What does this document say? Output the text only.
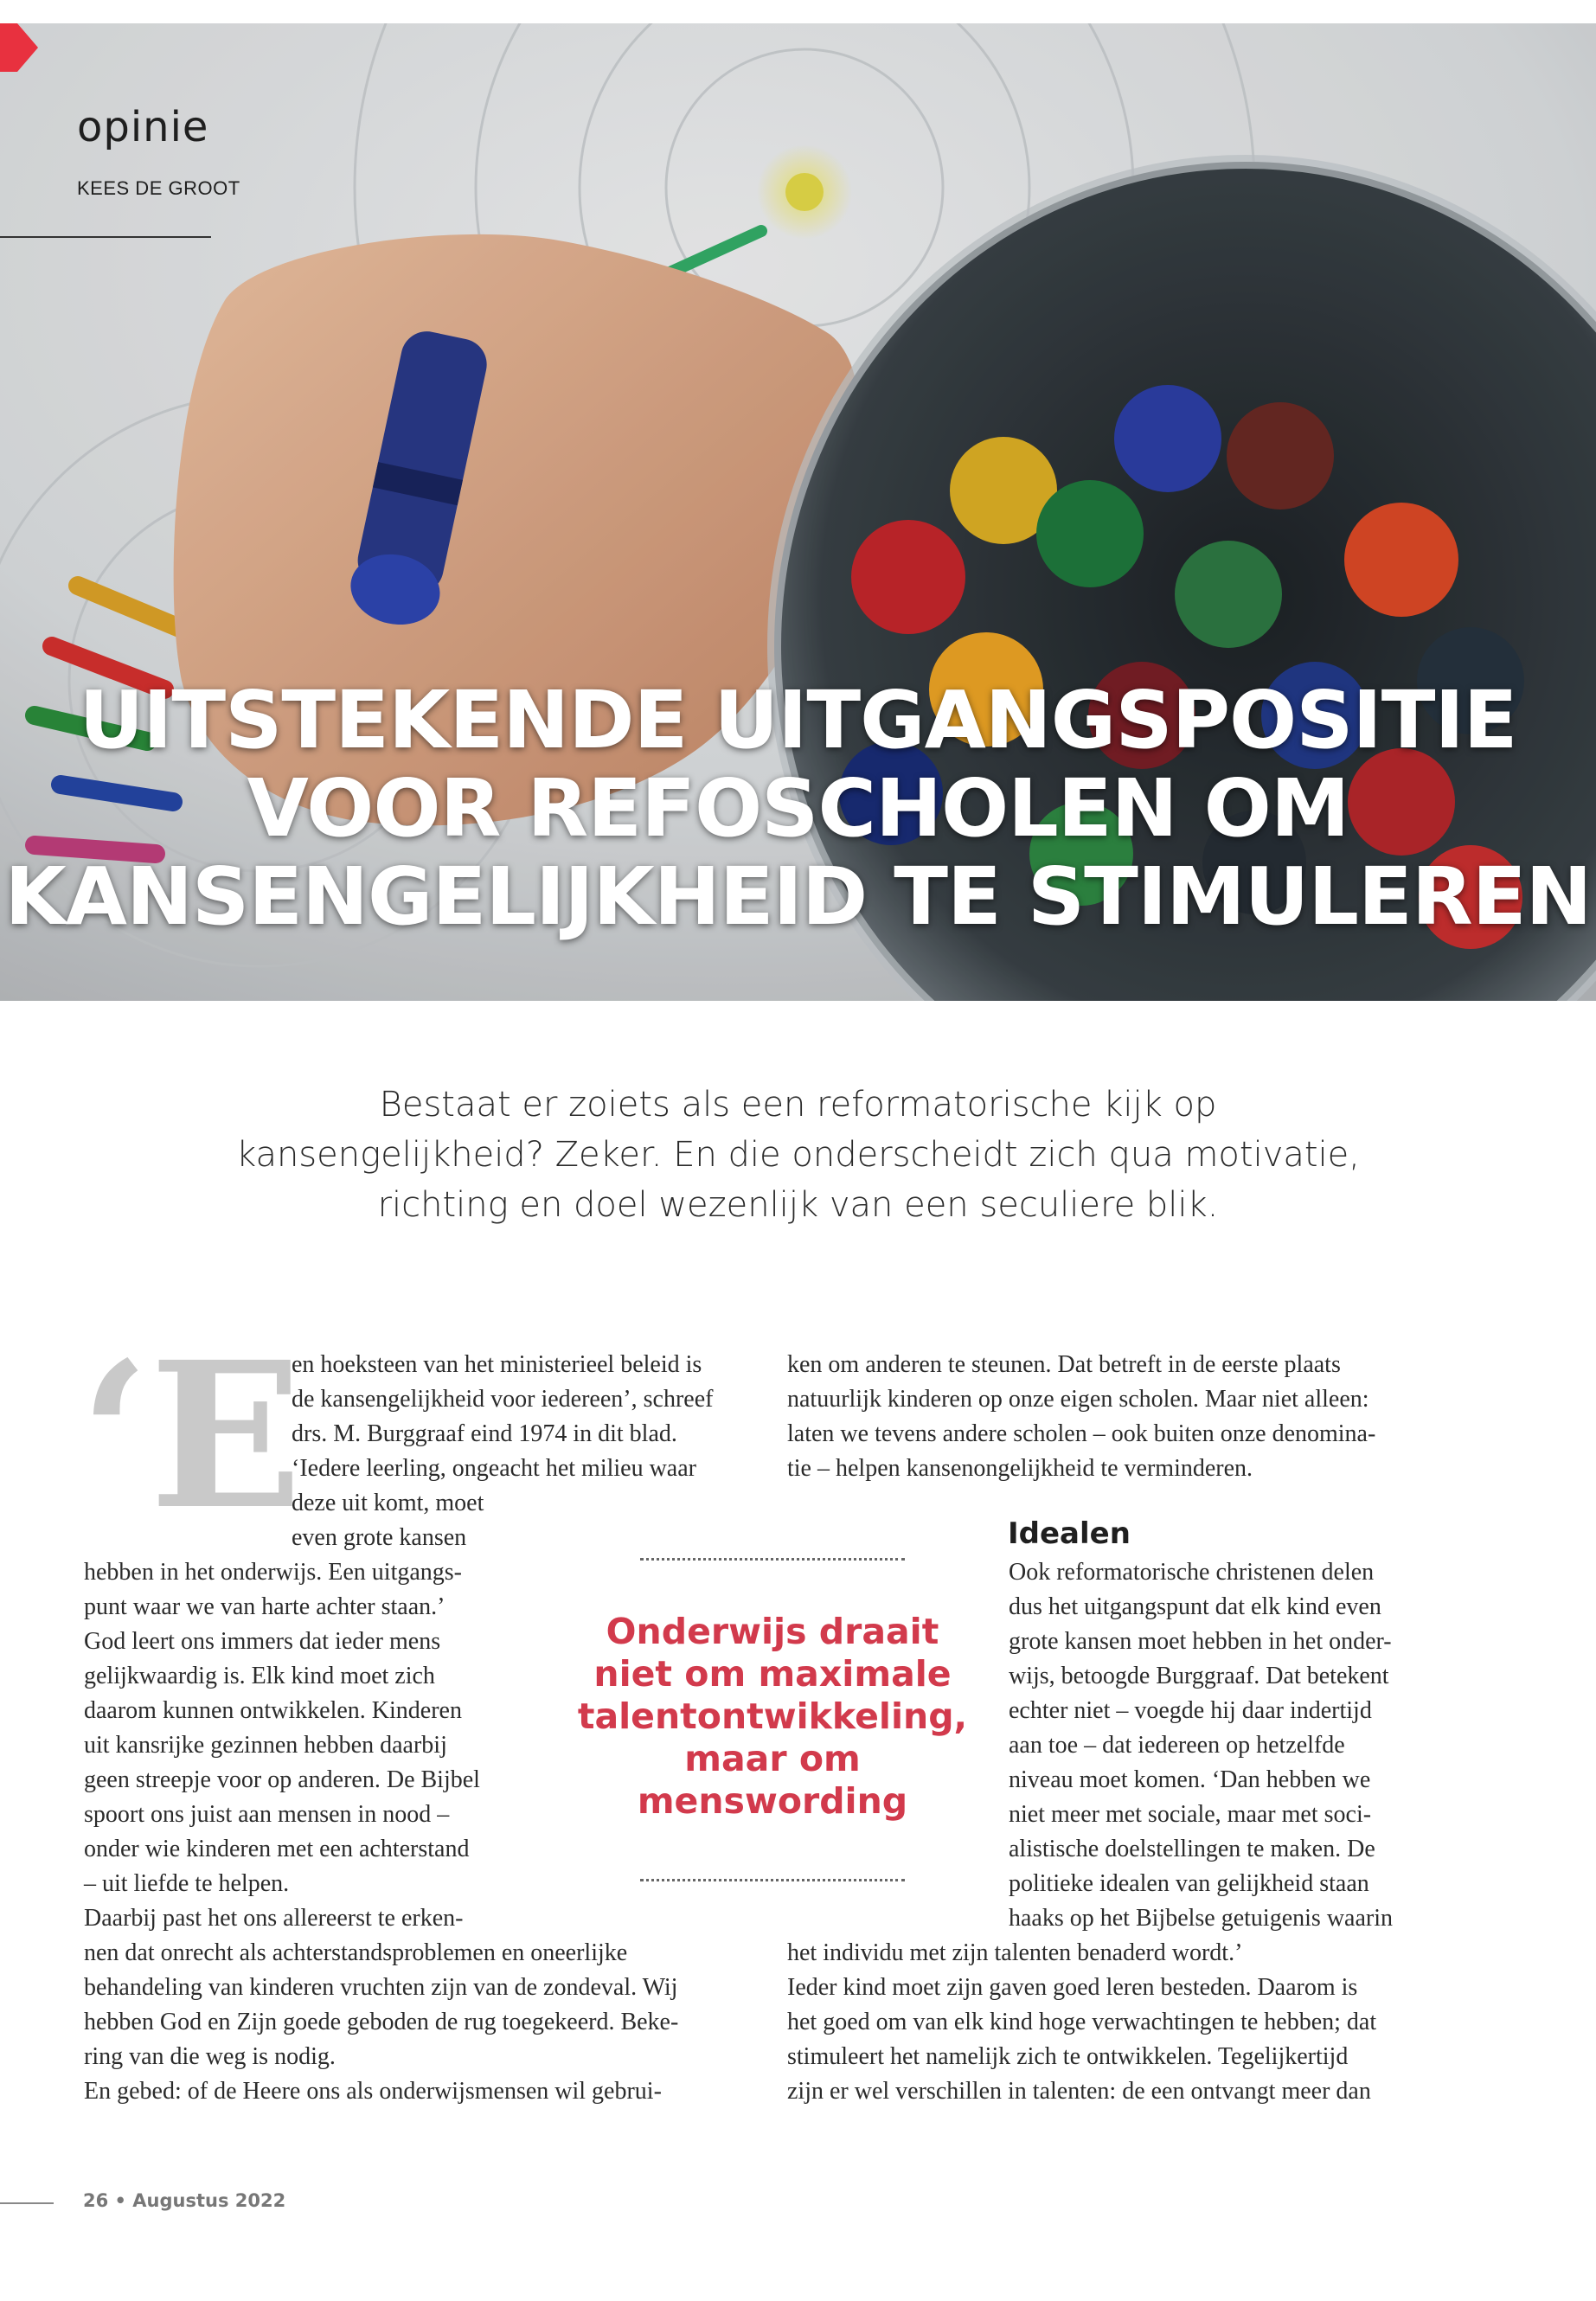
opinie
KEES DE GROOT
UITSTEKENDE UITGANGSPOSITIE
VOOR REFOSCHOLEN OM
KANSENGELIJKHEID TE STIMULEREN

Bestaat er zoiets als een reformatorische kijk op
kansengelijkheid? Zeker. En die onderscheidt zich qua motivatie,
richting en doel wezenlijk van een seculiere blik.

‘E
en hoeksteen van het ministerieel beleid is
de kansengelijkheid voor iedereen’, schreef
drs. M. Burggraaf eind 1974 in dit blad.
‘Iedere leerling, ongeacht het milieu waar
deze uit komt, moet
even grote kansen
hebben in het onderwijs. Een uitgangs-
punt waar we van harte achter staan.’
God leert ons immers dat ieder mens
gelijkwaardig is. Elk kind moet zich
daarom kunnen ontwikkelen. Kinderen
uit kansrijke gezinnen hebben daarbij
geen streepje voor op anderen. De Bijbel
spoort ons juist aan mensen in nood –
onder wie kinderen met een achterstand
– uit liefde te helpen.
Daarbij past het ons allereerst te erken-
nen dat onrecht als achterstandsproblemen en oneerlijke
behandeling van kinderen vruchten zijn van de zondeval. Wij
hebben God en Zijn goede geboden de rug toegekeerd. Beke-
ring van die weg is nodig.
En gebed: of de Heere ons als onderwijsmensen wil gebrui-
ken om anderen te steunen. Dat betreft in de eerste plaats
natuurlijk kinderen op onze eigen scholen. Maar niet alleen:
laten we tevens andere scholen – ook buiten onze denomina-
tie – helpen kansenongelijkheid te verminderen.
Ook reformatorische christenen delen
dus het uitgangspunt dat elk kind even
grote kansen moet hebben in het onder-
wijs, betoogde Burggraaf. Dat betekent
echter niet – voegde hij daar indertijd
aan toe – dat iedereen op hetzelfde
niveau moet komen. ‘Dan hebben we
niet meer met sociale, maar met soci-
alistische doelstellingen te maken. De
politieke idealen van gelijkheid staan
haaks op het Bijbelse getuigenis waarin
het individu met zijn talenten benaderd wordt.’
Ieder kind moet zijn gaven goed leren besteden. Daarom is
het goed om van elk kind hoge verwachtingen te hebben; dat
stimuleert het namelijk zich te ontwikkelen. Tegelijkertijd
zijn er wel verschillen in talenten: de een ontvangt meer dan
Idealen

Onderwijs draait
niet om maximale
talentontwikkeling,
maar om
menswording

26 • Augustus 2022
